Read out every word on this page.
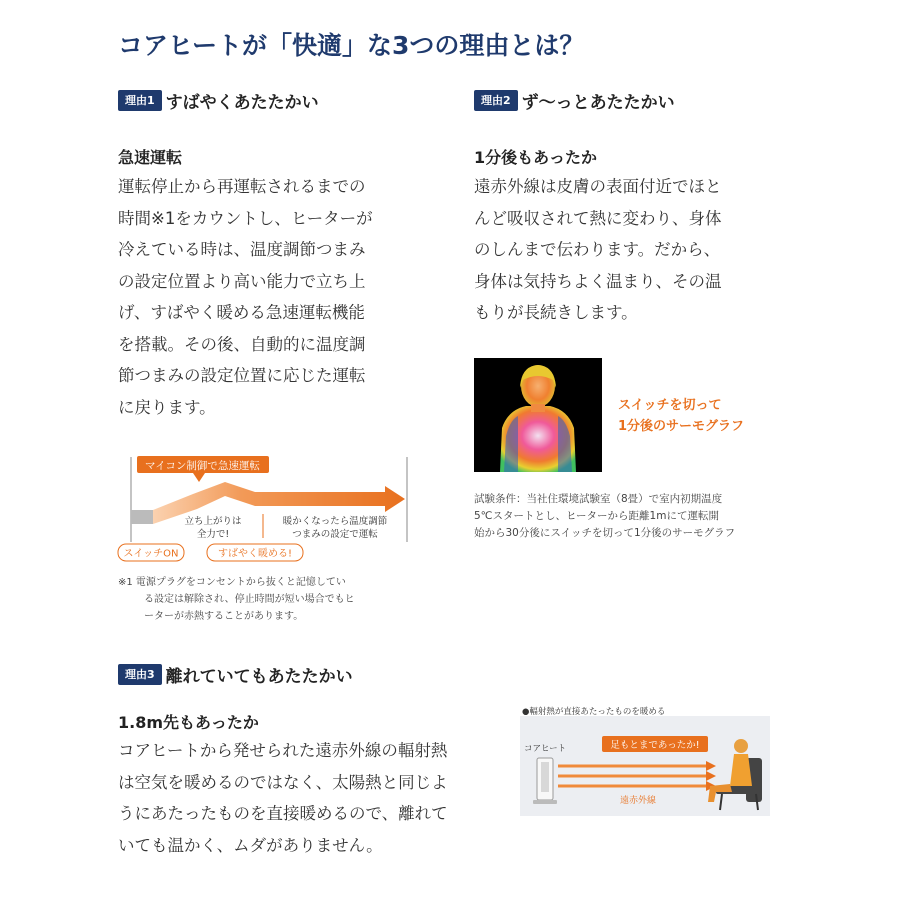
コアヒートが「快適」な3つの理由とは？
理由1 すばやくあたたかい
急速運転
運転停止から再運転されるまでの
時間※1をカウントし、ヒーターが
冷えている時は、温度調節つまみ
の設定位置より高い能力で立ち上
げ、すばやく暖める急速運転機能
を搭載。その後、自動的に温度調
節つまみの設定位置に応じた運転
に戻ります。
マイコン制御で急速運転
立ち上がりは
全力で!
暖かくなったら温度調節
つまみの設定で運転
スイッチON	すばやく暖める!
※1 電源プラグをコンセントから抜くと記憶してい
る設定は解除され、停止時間が短い場合でもヒ
ーターが赤熱することがあります。
理由2 ず〜っとあたたかい
1分後もあったか
遠赤外線は皮膚の表面付近でほと
んど吸収されて熱に変わり、身体
のしんまで伝わります。だから、
身体は気持ちよく温まり、その温
もりが長続きします。
スイッチを切って
1分後のサーモグラフ
試験条件：当社住環境試験室（8畳）で室内初期温度
5℃スタートとし、ヒーターから距離1mにて運転開
始から30分後にスイッチを切って1分後のサーモグラフ
理由3 離れていてもあたたかい
1.8m先もあったか
コアヒートから発せられた遠赤外線の輻射熱
は空気を暖めるのではなく、太陽熱と同じよ
うにあたったものを直接暖めるので、離れて
いても温かく、ムダがありません。
●輻射熱が直接あたったものを暖める
コアヒート
遠赤外線
足もとまであったか!
